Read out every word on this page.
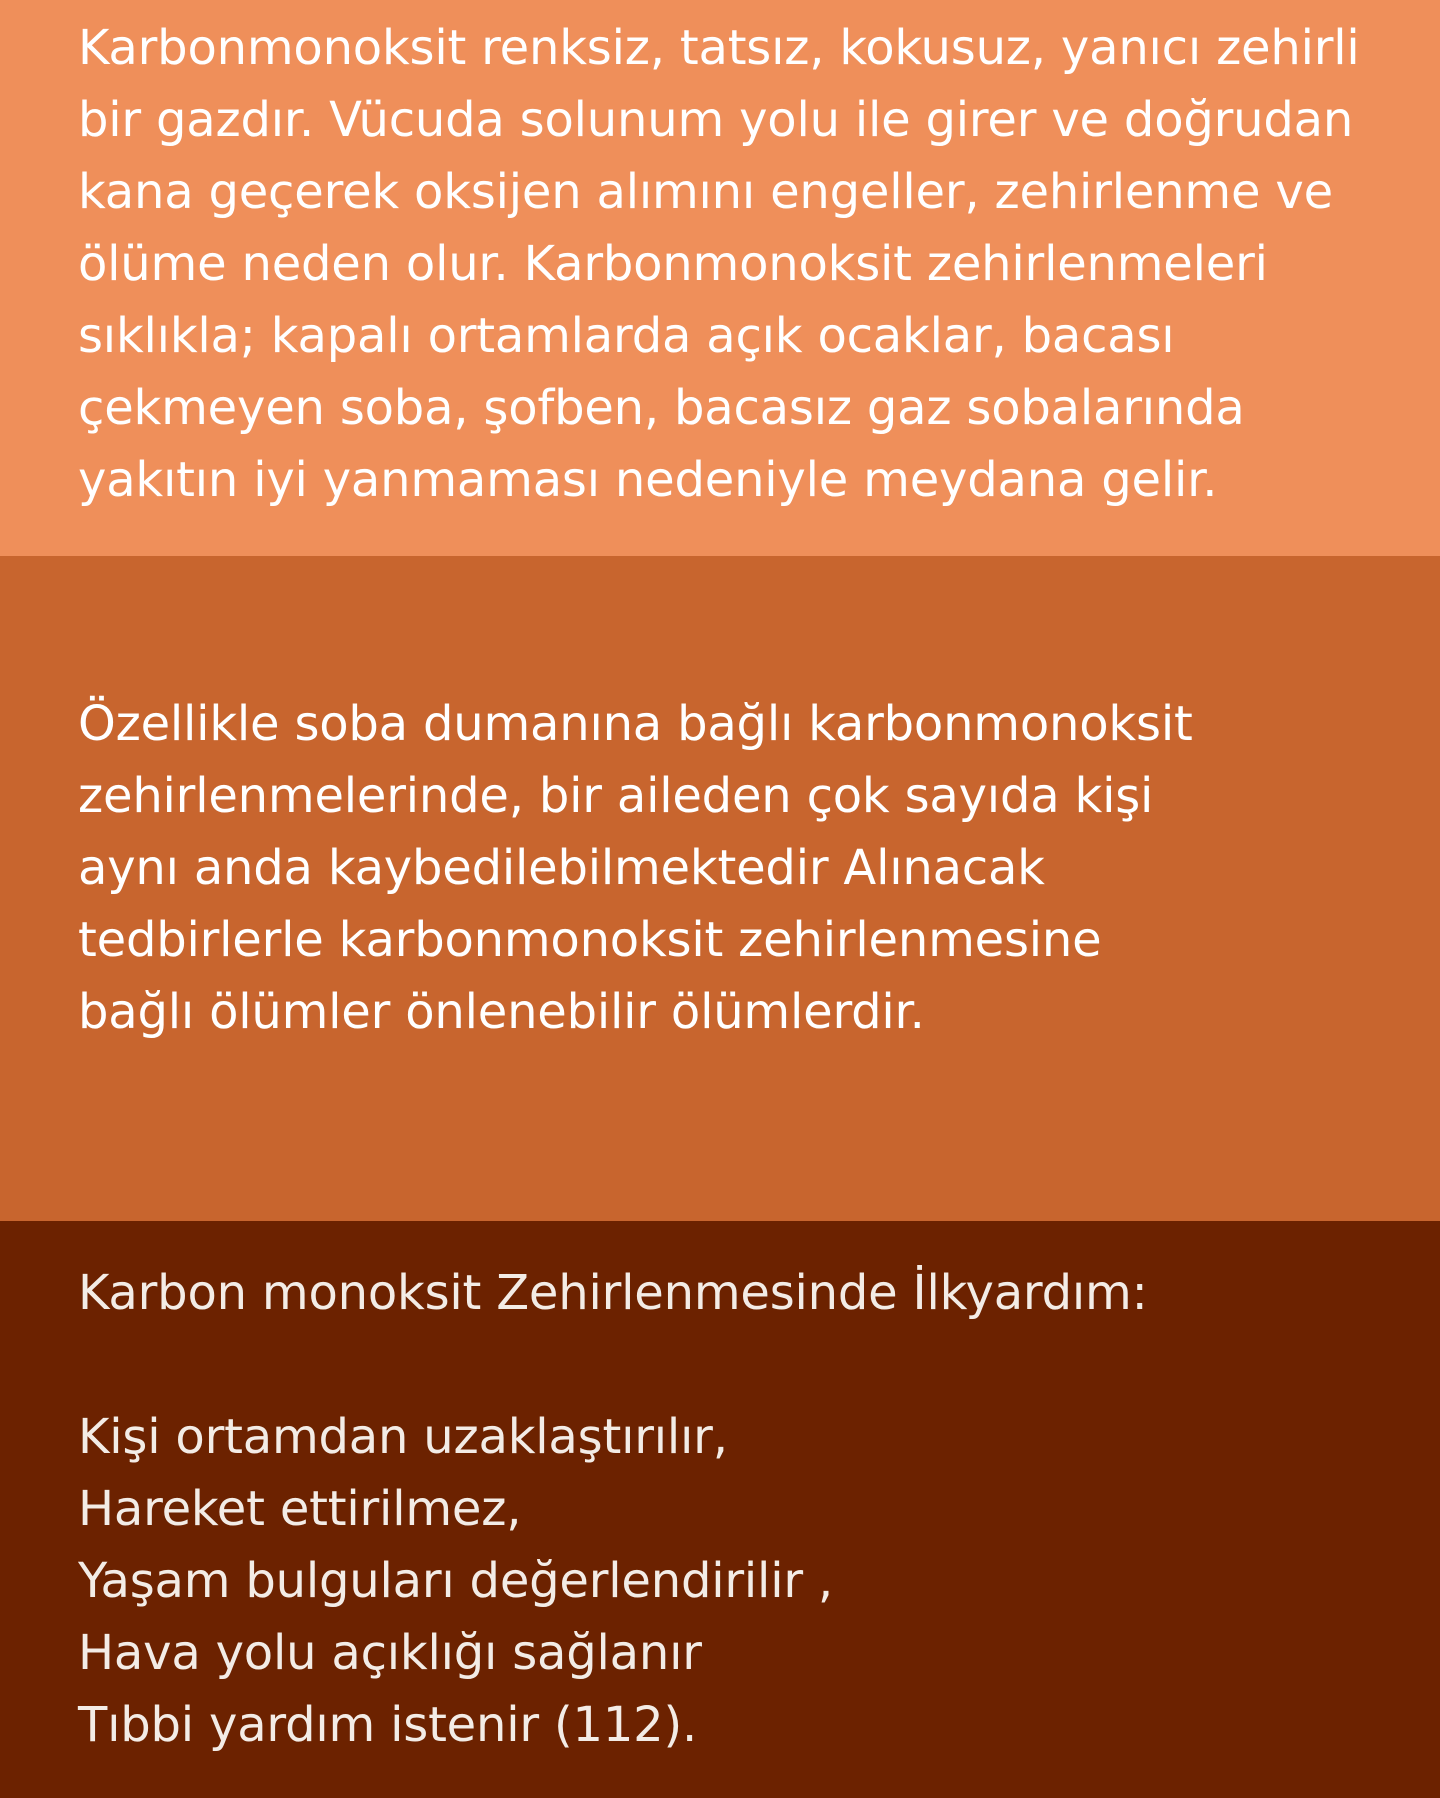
Karbonmonoksit renksiz, tatsız, kokusuz, yanıcı zehirli

bir gazdır. Vücuda solunum yolu ile girer ve doğrudan

kana geçerek oksijen alımını engeller, zehirlenme ve

ölüme neden olur. Karbonmonoksit zehirlenmeleri

sıklıkla; kapalı ortamlarda açık ocaklar, bacası

çekmeyen soba, şofben, bacasız gaz sobalarında

yakıtın iyi yanmaması nedeniyle meydana gelir.

Özellikle soba dumanına bağlı karbonmonoksit

zehirlenmelerinde, bir aileden çok sayıda kişi

aynı anda kaybedilebilmektedir Alınacak

tedbirlerle karbonmonoksit zehirlenmesine

bağlı ölümler önlenebilir ölümlerdir.

Karbon monoksit Zehirlenmesinde İlkyardım:

Kişi ortamdan uzaklaştırılır,

Hareket ettirilmez,

Yaşam bulguları değerlendirilir ,

Hava yolu açıklığı sağlanır

Tıbbi yardım istenir (112).
